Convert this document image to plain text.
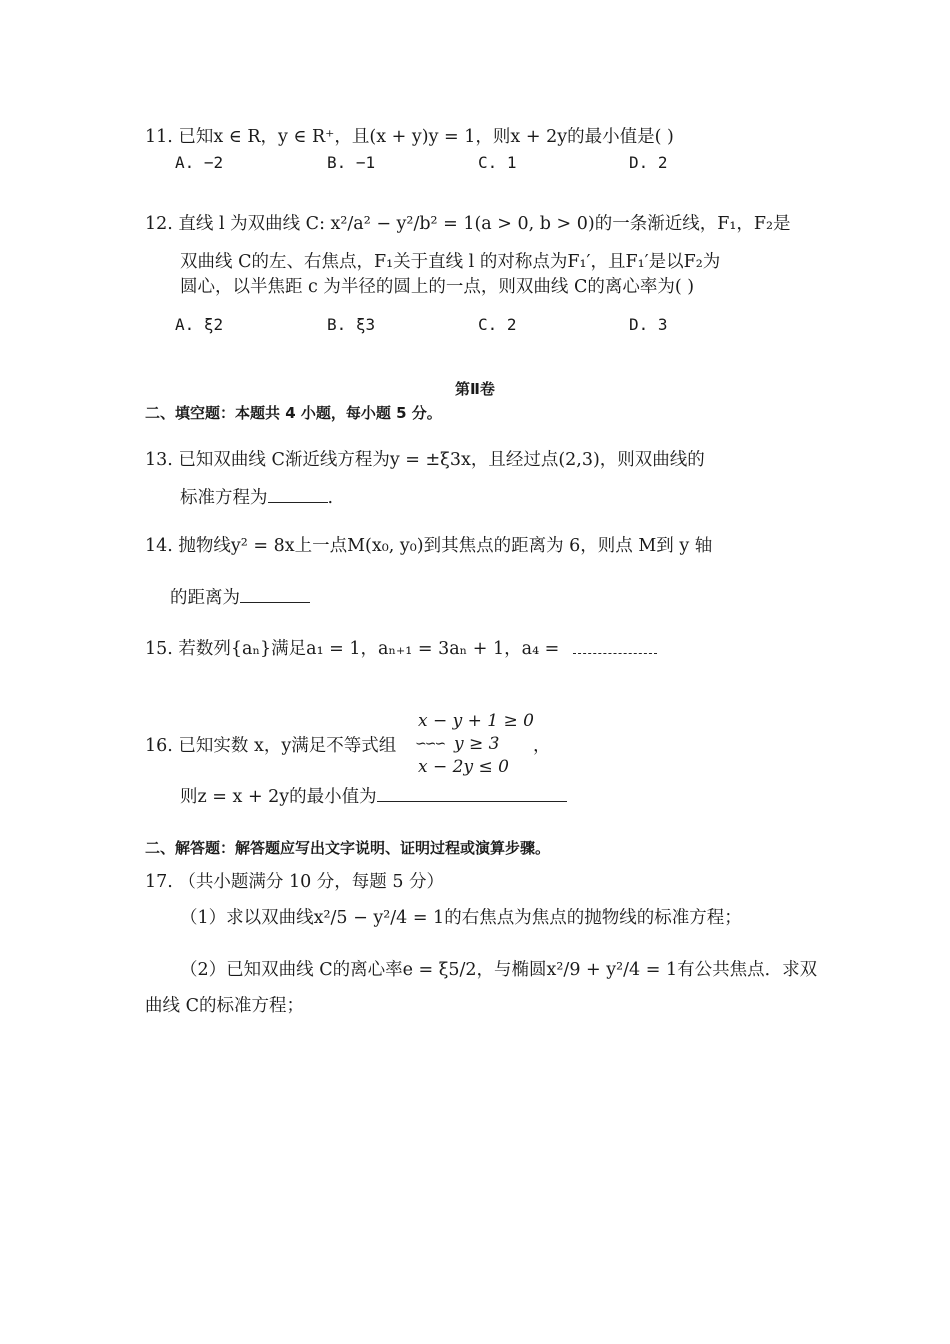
11. 已知x ∈ R，y ∈ R⁺，且(x + y)y = 1，则x + 2y的最小值是( )
A. −2	B. −1	C. 1	D. 2
12. 直线 l 为双曲线 C: x²/a² − y²/b² = 1(a > 0, b > 0)的一条渐近线，F₁，F₂是
双曲线 C的左、右焦点，F₁关于直线 l 的对称点为F₁′，且F₁′是以F₂为
圆心，以半焦距 c 为半径的圆上的一点，则双曲线 C的离心率为( )
A. ξ2	B. ξ3	C. 2	D. 3
第Ⅱ卷
二、填空题：本题共 4 小题，每小题 5 分。
13. 已知双曲线 C渐近线方程为y = ±ξ3x，且经过点(2,3)，则双曲线的
标准方程为	.
14. 抛物线y² = 8x上一点M(x₀, y₀)到其焦点的距离为 6，则点 M到 y 轴
的距离为
15. 若数列{aₙ}满足a₁ = 1，aₙ₊₁ = 3aₙ + 1，a₄ =
x − y + 1 ≥ 0
16. 已知实数 x，y满足不等式组 ∽∽∽ y ≥ 3 ，
x − 2y ≤ 0
则z = x + 2y的最小值为
二、解答题：解答题应写出文字说明、证明过程或演算步骤。
17. （共小题满分 10 分，每题 5 分）
（1）求以双曲线x²/5 − y²/4 = 1的右焦点为焦点的抛物线的标准方程；
（2）已知双曲线 C的离心率e = ξ5/2，与椭圆x²/9 + y²/4 = 1有公共焦点．求双
曲线 C的标准方程；
